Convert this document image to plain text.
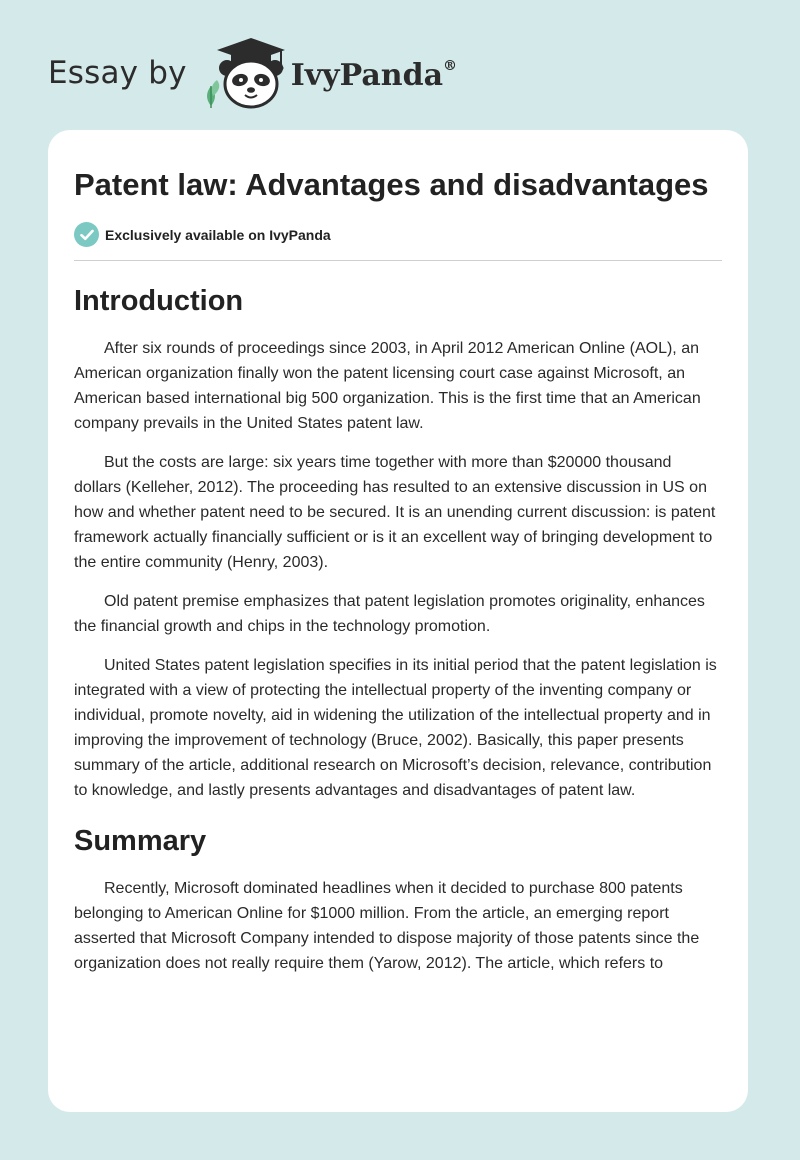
Essay by	IvyPanda®
Patent law: Advantages and disadvantages
Exclusively available on IvyPanda
Introduction

After six rounds of proceedings since 2003, in April 2012 American Online (AOL), an American organization finally won the patent licensing court case against Microsoft, an American based international big 500 organization. This is the first time that an American company prevails in the United States patent law.

But the costs are large: six years time together with more than $20000 thousand dollars (Kelleher, 2012). The proceeding has resulted to an extensive discussion in US on how and whether patent need to be secured. It is an unending current discussion: is patent framework actually financially sufficient or is it an excellent way of bringing development to the entire community (Henry, 2003).

Old patent premise emphasizes that patent legislation promotes originality, enhances the financial growth and chips in the technology promotion.

United States patent legislation specifies in its initial period that the patent legislation is integrated with a view of protecting the intellectual property of the inventing company or individual, promote novelty, aid in widening the utilization of the intellectual property and in improving the improvement of technology (Bruce, 2002). Basically, this paper presents summary of the article, additional research on Microsoft’s decision, relevance, contribution to knowledge, and lastly presents advantages and disadvantages of patent law.

Summary

Recently, Microsoft dominated headlines when it decided to purchase 800 patents belonging to American Online for $1000 million. From the article, an emerging report asserted that Microsoft Company intended to dispose majority of those patents since the organization does not really require them (Yarow, 2012). The article, which refers to
